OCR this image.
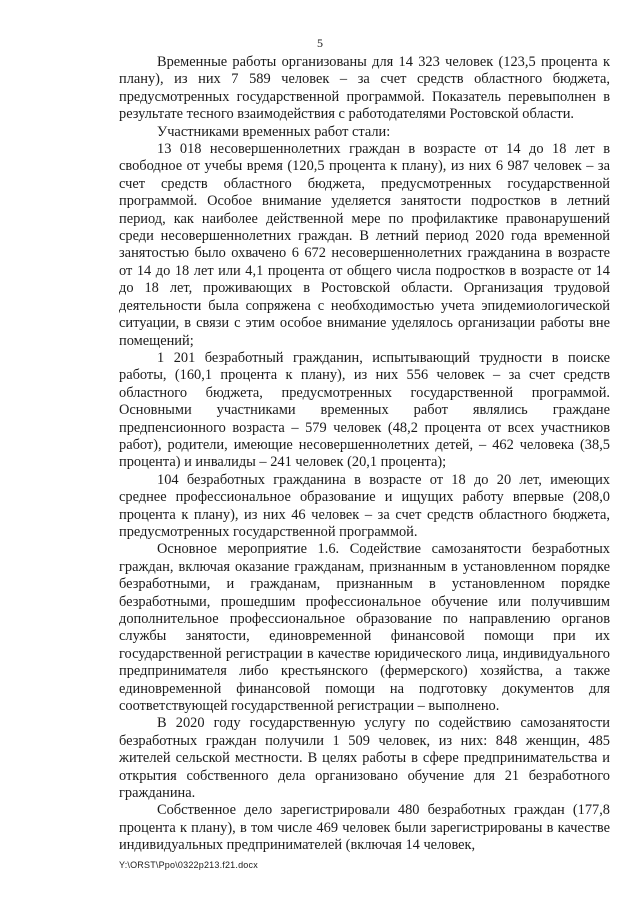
5

Временные работы организованы для 14 323 человек (123,5 процента к плану), из них 7 589 человек – за счет средств областного бюджета, предусмотренных государственной программой. Показатель перевыполнен в результате тесного взаимодействия с работодателями Ростовской области.

Участниками временных работ стали:

13 018 несовершеннолетних граждан в возрасте от 14 до 18 лет в свободное от учебы время (120,5 процента к плану), из них 6 987 человек – за счет средств областного бюджета, предусмотренных государственной программой. Особое внимание уделяется занятости подростков в летний период, как наиболее действенной мере по профилактике правонарушений среди несовершеннолетних граждан. В летний период 2020 года временной занятостью было охвачено 6 672 несовершеннолетних гражданина в возрасте от 14 до 18 лет или 4,1 процента от общего числа подростков в возрасте от 14 до 18 лет, проживающих в Ростовской области. Организация трудовой деятельности была сопряжена с необходимостью учета эпидемиологической ситуации, в связи с этим особое внимание уделялось организации работы вне помещений;

1 201 безработный гражданин, испытывающий трудности в поиске работы, (160,1 процента к плану), из них 556 человек – за счет средств областного бюджета, предусмотренных государственной программой. Основными участниками временных работ являлись граждане предпенсионного возраста – 579 человек (48,2 процента от всех участников работ), родители, имеющие несовершеннолетних детей, – 462 человека (38,5 процента) и инвалиды – 241 человек (20,1 процента);

104 безработных гражданина в возрасте от 18 до 20 лет, имеющих среднее профессиональное образование и ищущих работу впервые (208,0 процента к плану), из них 46 человек – за счет средств областного бюджета, предусмотренных государственной программой.

Основное мероприятие 1.6. Содействие самозанятости безработных граждан, включая оказание гражданам, признанным в установленном порядке безработными, и гражданам, признанным в установленном порядке безработными, прошедшим профессиональное обучение или получившим дополнительное профессиональное образование по направлению органов службы занятости, единовременной финансовой помощи при их государственной регистрации в качестве юридического лица, индивидуального предпринимателя либо крестьянского (фермерского) хозяйства, а также единовременной финансовой помощи на подготовку документов для соответствующей государственной регистрации – выполнено.

В 2020 году государственную услугу по содействию самозанятости безработных граждан получили 1 509 человек, из них: 848 женщин, 485 жителей сельской местности. В целях работы в сфере предпринимательства и открытия собственного дела организовано обучение для 21 безработного гражданина.

Собственное дело зарегистрировали 480 безработных граждан (177,8 процента к плану), в том числе 469 человек были зарегистрированы в качестве индивидуальных предпринимателей (включая 14 человек,

Y:\ORST\Ppo\0322p213.f21.docx
